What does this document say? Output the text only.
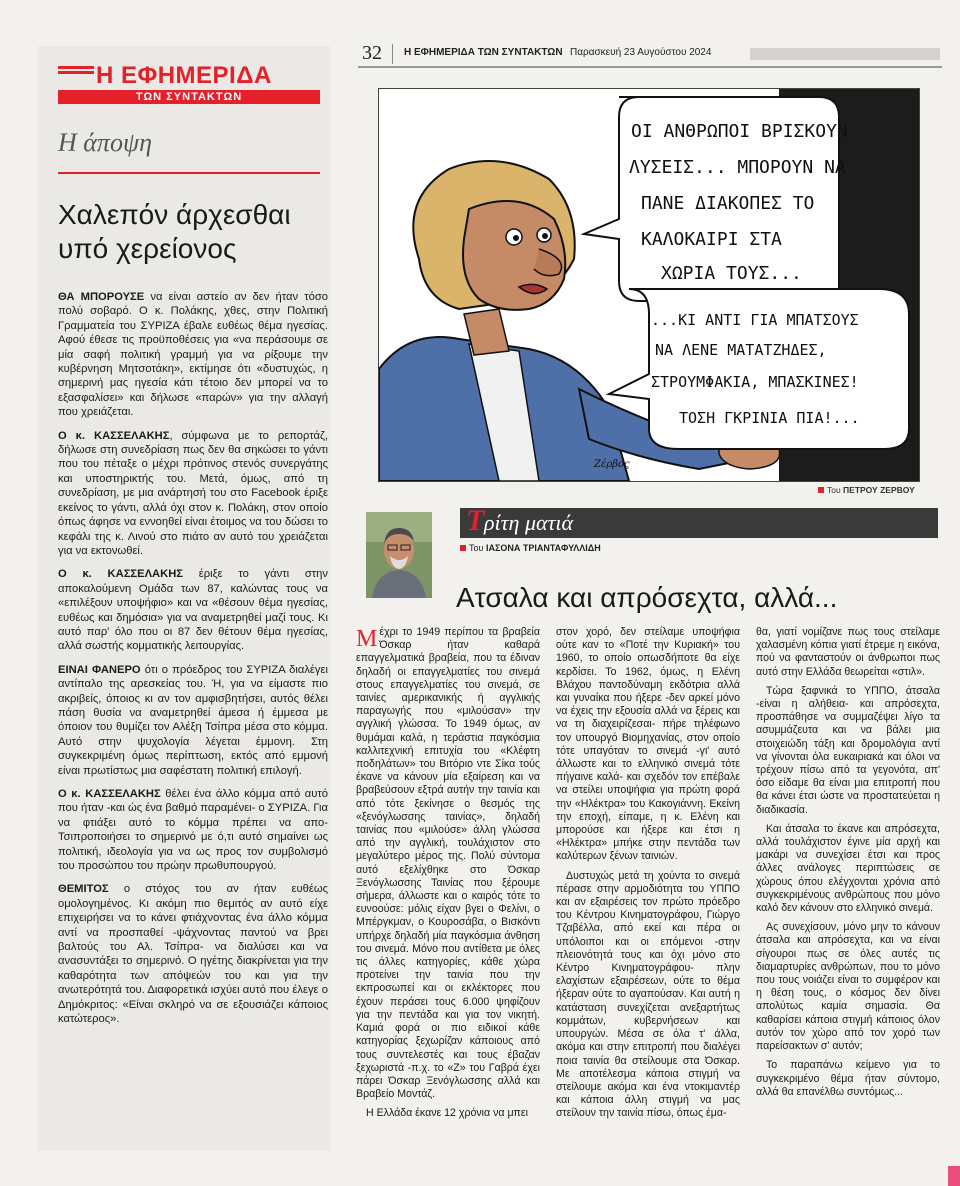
Η ΕΦΗΜΕΡΙΔΑ
ΤΩΝ ΣΥΝΤΑΚΤΩΝ
Η άποψη
Χαλεπόν άρχεσθαι υπό χερείονος

ΘΑ ΜΠΟΡΟΥΣΕ να είναι αστείο αν δεν ήταν τόσο πολύ σοβαρό. Ο κ. Πολάκης, χθες, στην Πολιτική Γραμματεία του ΣΥΡΙΖΑ έβαλε ευθέως θέμα ηγεσίας. Αφού έθεσε τις προϋποθέσεις για «να περάσουμε σε μία σαφή πολιτική γραμμή για να ρίξουμε την κυβέρνηση Μητσοτάκη», εκτίμησε ότι «δυστυχώς, η σημερινή μας ηγεσία κάτι τέτοιο δεν μπορεί να το εξασφαλίσει» και δήλωσε «παρών» για την αλλαγή που χρειάζεται.

Ο κ. ΚΑΣΣΕΛΑΚΗΣ, σύμφωνα με το ρεπορτάζ, δήλωσε στη συνεδρίαση πως δεν θα σηκώσει το γάντι που του πέταξε ο μέχρι πρότινος στενός συνεργάτης και υποστηρικτής του. Μετά, όμως, από τη συνεδρίαση, με μια ανάρτησή του στο Facebook έριξε εκείνος το γάντι, αλλά όχι στον κ. Πολάκη, στον οποίο όπως άφησε να εννοηθεί είναι έτοιμος να του δώσει το κεφάλι της κ. Λινού στο πιάτο αν αυτό του χρειάζεται για να εκτονωθεί.

Ο κ. ΚΑΣΣΕΛΑΚΗΣ έριξε το γάντι στην αποκαλούμενη Ομάδα των 87, καλώντας τους να «επιλέξουν υποψήφιο» και να «θέσουν θέμα ηγεσίας, ευθέως και δημόσια» για να αναμετρηθεί μαζί τους. Κι αυτό παρ' όλο που οι 87 δεν θέτουν θέμα ηγεσίας, αλλά σωστής κομματικής λειτουργίας.

ΕΙΝΑΙ ΦΑΝΕΡΟ ότι ο πρόεδρος του ΣΥΡΙΖΑ διαλέγει αντίπαλο της αρεσκείας του. Ή, για να είμαστε πιο ακριβείς, όποιος κι αν τον αμφισβητήσει, αυτός θέλει πάση θυσία να αναμετρηθεί άμεσα ή έμμεσα με όποιον του θυμίζει τον Αλέξη Τσίπρα μέσα στο κόμμα. Αυτό στην ψυχολογία λέγεται έμμονη. Στη συγκεκριμένη όμως περίπτωση, εκτός από εμμονή είναι πρωτίστως μια σαφέστατη πολιτική επιλογή.

Ο κ. ΚΑΣΣΕΛΑΚΗΣ θέλει ένα άλλο κόμμα από αυτό που ήταν -και ώς ένα βαθμό παραμένει- ο ΣΥΡΙΖΑ. Για να φτιάξει αυτό το κόμμα πρέπει να απο-Τσιπροποιήσει το σημερινό με ό,τι αυτό σημαίνει ως πολιτική, ιδεολογία για να ως προς τον συμβολισμό του προσώπου του πρώην πρωθυπουργού.

ΘΕΜΙΤΟΣ ο στόχος του αν ήταν ευθέως ομολογημένος. Κι ακόμη πιο θεμιτός αν αυτό είχε επιχειρήσει να το κάνει φτιάχνοντας ένα άλλο κόμμα αντί να προσπαθεί -ψάχνοντας παντού να βρει βαλτούς του Αλ. Τσίπρα- να διαλύσει και να ανασυντάξει το σημερινό. Ο ηγέτης διακρίνεται για την καθαρότητα των απόψεών του και για την ανωτερότητά του. Διαφορετικά ισχύει αυτό που έλεγε ο Δημόκριτος: «Είναι σκληρό να σε εξουσιάζει κάποιος κατώτερος».

32 Η ΕΦΗΜΕΡΙΔΑ ΤΩΝ ΣΥΝΤΑΚΤΩΝ Παρασκευή 23 Αυγούστου 2024
ΟΙ ΑΝΘΡΩΠΟΙ ΒΡΙΣΚΟΥΝ
ΛΥΣΕΙΣ... ΜΠΟΡΟΥΝ ΝΑ
ΠΑΝΕ ΔΙΑΚΟΠΕΣ ΤΟ
ΚΑΛΟΚΑΙΡΙ ΣΤΑ
ΧΩΡΙΑ ΤΟΥΣ...
...ΚΙ ΑΝΤΙ ΓΙΑ ΜΠΑΤΣΟΥΣ
ΝΑ ΛΕΝΕ ΜΑΤΑΤΖΗΔΕΣ,
ΣΤΡΟΥΜΦΑΚΙΑ, ΜΠΑΣΚΙΝΕΣ!
ΤΟΣΗ ΓΚΡΙΝΙΑ ΠΙΑ!...
Ζέρβος
Του ΠΕΤΡΟΥ ΖΕΡΒΟΥ
Τ ρίτη ματιά
Του ΙΑΣΟΝΑ ΤΡΙΑΝΤΑΦΥΛΛΙΔΗ
Ατσαλα και απρόσεχτα, αλλά...

Μέχρι το 1949 περίπου τα βραβεία Όσκαρ ήταν καθαρά επαγγελματικά βραβεία, που τα έδιναν δηλαδή οι επαγγελματίες του σινεμά στους επαγγελματίες του σινεμά, σε ταινίες αμερικανικής ή αγγλικής παραγωγής που «μιλούσαν» την αγγλική γλώσσα. Το 1949 όμως, αν θυμάμαι καλά, η τεράστια παγκόσμια καλλιτεχνική επιτυχία του «Κλέφτη ποδηλάτων» του Βιτόριο ντε Σίκα τούς έκανε να κάνουν μία εξαίρεση και να βραβεύσουν εξτρά αυτήν την ταινία και από τότε ξεκίνησε ο θεσμός της «ξενόγλωσσης ταινίας», δηλαδή ταινίας που «μιλούσε» άλλη γλώσσα από την αγγλική, τουλάχιστον στο μεγαλύτερο μέρος της. Πολύ σύντομα αυτό εξελίχθηκε στο Όσκαρ Ξενόγλωσσης Ταινίας που ξέρουμε σήμερα, άλλωστε και ο καιρός τότε το ευνοούσε: μόλις είχαν βγει ο Φελίνι, ο Μπέργκμαν, ο Κουροσάβα, ο Βισκόντι υπήρχε δηλαδή μία παγκόσμια άνθηση του σινεμά. Μόνο που αντίθετα με όλες τις άλλες κατηγορίες, κάθε χώρα προτείνει την ταινία που την εκπροσωπεί και οι εκλέκτορες που έχουν περάσει τους 6.000 ψηφίζουν για την πεντάδα και για τον νικητή. Καμιά φορά οι πιο ειδικοί κάθε κατηγορίας ξεχωρίζαν κάποιους από τους συντελεστές και τους έβαζαν ξεχωριστά -π.χ. το «Ζ» του Γαβρά έχει πάρει Όσκαρ Ξενόγλωσσης αλλά και Βραβείο Μοντάζ.

Η Ελλάδα έκανε 12 χρόνια να μπει

στον χορό, δεν στείλαμε υποψήφια ούτε καν το «Ποτέ την Κυριακή» του 1960, το οποίο οπωσδήποτε θα είχε κερδίσει. Το 1962, όμως, η Ελένη Βλάχου παντοδύναμη εκδότρια αλλά και γυναίκα που ήξερε -δεν αρκεί μόνο να έχεις την εξουσία αλλά να ξέρεις και να τη διαχειρίζεσαι- πήρε τηλέφωνο τον υπουργό Βιομηχανίας, στον οποίο τότε υπαγόταν το σινεμά -γι' αυτό άλλωστε και το ελληνικό σινεμά τότε πήγαινε καλά- και σχεδόν τον επέβαλε να στείλει υποψήφια για πρώτη φορά την «Ηλέκτρα» του Κακογιάννη. Εκείνη την εποχή, είπαμε, η κ. Ελένη και μπορούσε και ήξερε και έτσι η «Ηλέκτρα» μπήκε στην πεντάδα των καλύτερων ξένων ταινιών.

Δυστυχώς μετά τη χούντα το σινεμά πέρασε στην αρμοδιότητα του ΥΠΠΟ και αν εξαιρέσεις τον πρώτο πρόεδρο του Κέντρου Κινηματογράφου, Γιώργο Τζαβέλλα, από εκεί και πέρα οι υπόλοιποι και οι επόμενοι -στην πλειονότητά τους και όχι μόνο στο Κέντρο Κινηματογράφου- πλην ελαχίστων εξαιρέσεων, ούτε το θέμα ήξεραν ούτε το αγαπούσαν. Και αυτή η κατάσταση συνεχίζεται ανεξαρτήτως κομμάτων, κυβερνήσεων και υπουργών. Μέσα σε όλα τ' άλλα, ακόμα και στην επιτροπή που διαλέγει ποια ταινία θα στείλουμε στα Όσκαρ. Με αποτέλεσμα κάποια στιγμή να στείλουμε ακόμα και ένα ντοκιμαντέρ και κάποια άλλη στιγμή να μας στείλουν την ταινία πίσω, όπως έμα-

θα, γιατί νομίζανε πως τους στείλαμε χαλασμένη κόπια γιατί έτρεμε η εικόνα, πού να φανταστούν οι άνθρωποι πως αυτό στην Ελλάδα θεωρείται «στιλ».

Τώρα ξαφνικά το ΥΠΠΟ, άτσαλα -είναι η αλήθεια- και απρόσεχτα, προσπάθησε να συμμαζέψει λίγο τα ασυμμάζευτα και να βάλει μια στοιχειώδη τάξη και δρομολόγια αντί να γίνονται όλα ευκαιριακά και όλοι να τρέχουν πίσω από τα γεγονότα, απ' όσο είδαμε θα είναι μια επιτροπή που θα κάνει έτσι ώστε να προστατεύεται η διαδικασία.

Και άτσαλα το έκανε και απρόσεχτα, αλλά τουλάχιστον έγινε μία αρχή και μακάρι να συνεχίσει έτσι και προς άλλες ανάλογες περιπτώσεις σε χώρους όπου ελέγχονται χρόνια από συγκεκριμένους ανθρώπους που μόνο καλό δεν κάνουν στο ελληνικό σινεμά.

Ας συνεχίσουν, μόνο μην το κάνουν άτσαλα και απρόσεχτα, και να είναι σίγουροι πως σε όλες αυτές τις διαμαρτυρίες ανθρώπων, που το μόνο που τους νοιάζει είναι το συμφέρον και η θέση τους, ο κόσμος δεν δίνει απολύτως καμία σημασία. Θα καθαρίσει κάποια στιγμή κάποιος όλον αυτόν τον χώρο από τον χορό των παρείσακτων σ' αυτόν;

Το παραπάνω κείμενο για το συγκεκριμένο θέμα ήταν σύντομο, αλλά θα επανέλθω συντόμως...
